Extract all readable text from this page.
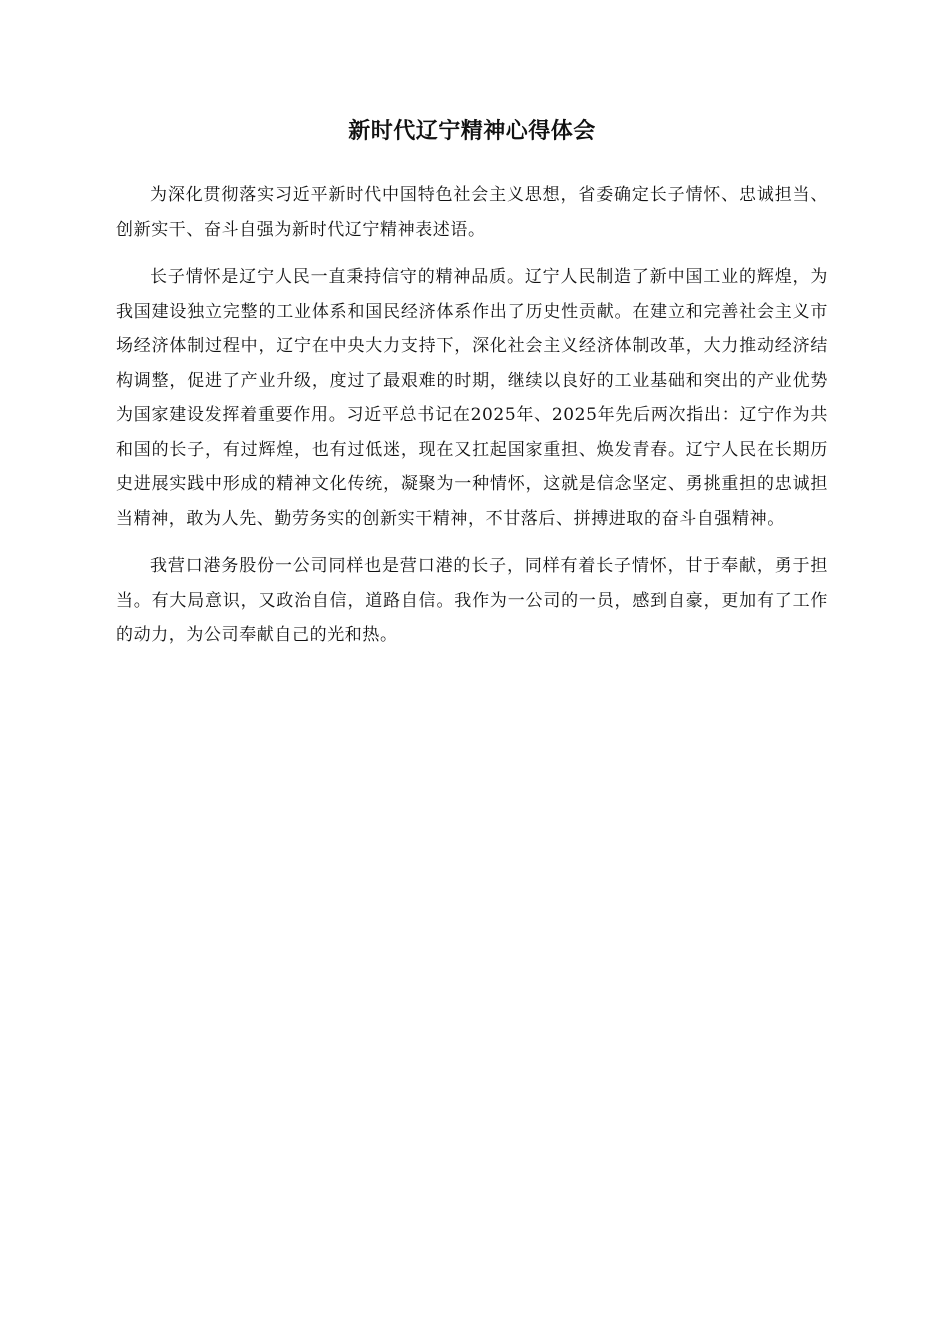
新时代辽宁精神心得体会

为深化贯彻落实习近平新时代中国特色社会主义思想，省委确定长子情怀、忠诚担当、创新实干、奋斗自强为新时代辽宁精神表述语。

长子情怀是辽宁人民一直秉持信守的精神品质。辽宁人民制造了新中国工业的辉煌，为我国建设独立完整的工业体系和国民经济体系作出了历史性贡献。在建立和完善社会主义市场经济体制过程中，辽宁在中央大力支持下，深化社会主义经济体制改革，大力推动经济结构调整，促进了产业升级，度过了最艰难的时期，继续以良好的工业基础和突出的产业优势为国家建设发挥着重要作用。习近平总书记在2025年、2025年先后两次指出：辽宁作为共和国的长子，有过辉煌，也有过低迷，现在又扛起国家重担、焕发青春。辽宁人民在长期历史进展实践中形成的精神文化传统，凝聚为一种情怀，这就是信念坚定、勇挑重担的忠诚担当精神，敢为人先、勤劳务实的创新实干精神，不甘落后、拼搏进取的奋斗自强精神。

我营口港务股份一公司同样也是营口港的长子，同样有着长子情怀，甘于奉献，勇于担当。有大局意识，又政治自信，道路自信。我作为一公司的一员，感到自豪，更加有了工作的动力，为公司奉献自己的光和热。
